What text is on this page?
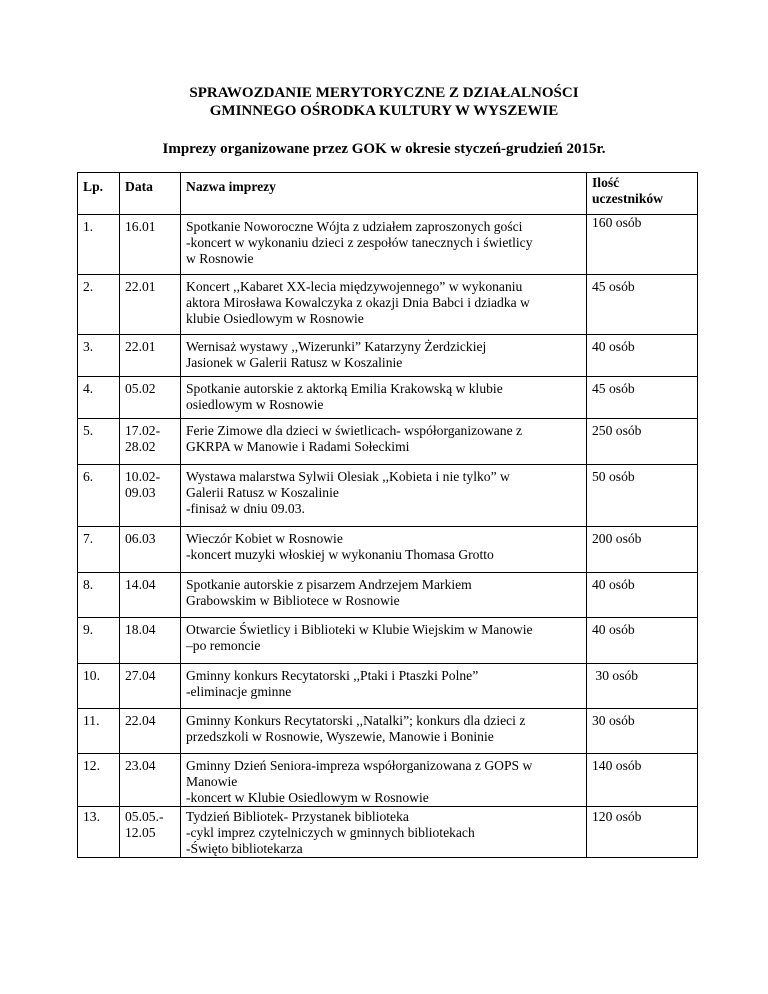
SPRAWOZDANIE MERYTORYCZNE Z DZIAŁALNOŚCI
GMINNEGO OŚRODKA KULTURY W WYSZEWIE
Imprezy organizowane przez GOK w okresie styczeń-grudzień 2015r.
Lp.	Data	Nazwa imprezy	Ilość
uczestników
1.	16.01	Spotkanie Noworoczne Wójta z udziałem zaproszonych gości
-koncert w wykonaniu dzieci z zespołów tanecznych i świetlicy
w Rosnowie	160 osób
2.	22.01	Koncert ,,Kabaret XX-lecia międzywojennego” w wykonaniu
aktora Mirosława Kowalczyka z okazji Dnia Babci i dziadka w
klubie Osiedlowym w Rosnowie	45 osób
3.	22.01	Wernisaż wystawy ,,Wizerunki” Katarzyny Żerdzickiej
Jasionek w Galerii Ratusz w Koszalinie	40 osób
4.	05.02	Spotkanie autorskie z aktorką Emilia Krakowską w klubie
osiedlowym w Rosnowie	45 osób
5.	17.02-
28.02	Ferie Zimowe dla dzieci w świetlicach- współorganizowane z
GKRPA w Manowie i Radami Sołeckimi	250 osób
6.	10.02-
09.03	Wystawa malarstwa Sylwii Olesiak ,,Kobieta i nie tylko” w
Galerii Ratusz w Koszalinie
-finisaż w dniu 09.03.	50 osób
7.	06.03	Wieczór Kobiet w Rosnowie
-koncert muzyki włoskiej w wykonaniu Thomasa Grotto	200 osób
8.	14.04	Spotkanie autorskie z pisarzem Andrzejem Markiem
Grabowskim w Bibliotece w Rosnowie	40 osób
9.	18.04	Otwarcie Świetlicy i Biblioteki w Klubie Wiejskim w Manowie
–po remoncie	40 osób
10.	27.04	Gminny konkurs Recytatorski ,,Ptaki i Ptaszki Polne”
-eliminacje gminne	30 osób
11.	22.04	Gminny Konkurs Recytatorski ,,Natalki”; konkurs dla dzieci z
przedszkoli w Rosnowie, Wyszewie, Manowie i Boninie	30 osób
12.	23.04	Gminny Dzień Seniora-impreza współorganizowana z GOPS w
Manowie
-koncert w Klubie Osiedlowym w Rosnowie	140 osób
13.	05.05.-
12.05	Tydzień Bibliotek- Przystanek biblioteka
-cykl imprez czytelniczych w gminnych bibliotekach
-Święto bibliotekarza	120 osób
